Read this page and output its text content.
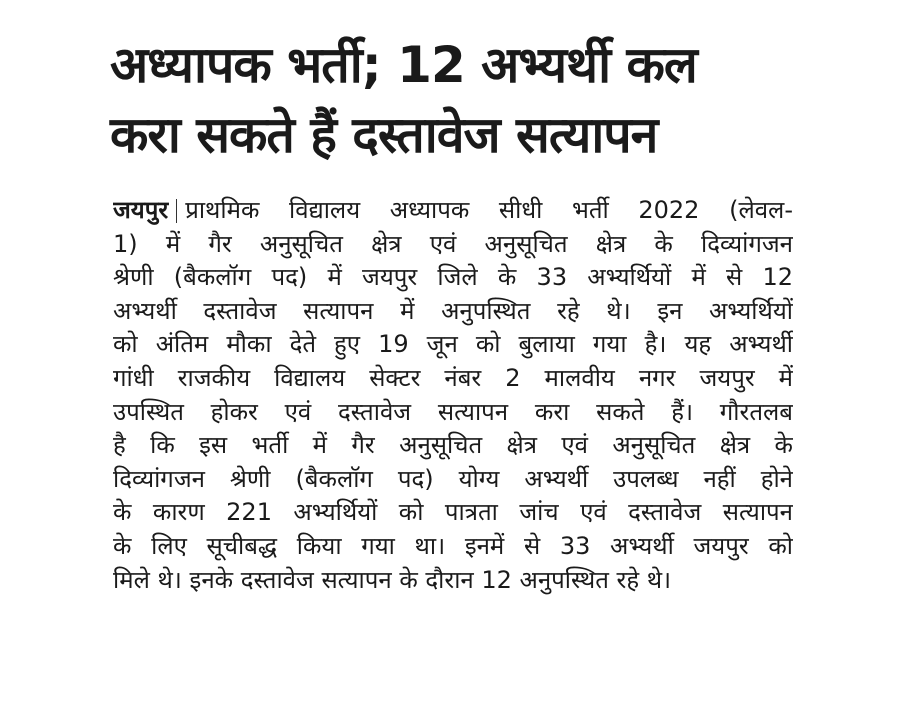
अध्यापक भर्ती; 12 अभ्यर्थी कल
करा सकते हैं दस्तावेज सत्यापन
जयपुर प्राथमिक विद्यालय अध्यापक सीधी भर्ती 2022 (लेवल-
1) में गैर अनुसूचित क्षेत्र एवं अनुसूचित क्षेत्र के दिव्यांगजन
श्रेणी (बैकलॉग पद) में जयपुर जिले के 33 अभ्यर्थियों में से 12
अभ्यर्थी दस्तावेज सत्यापन में अनुपस्थित रहे थे। इन अभ्यर्थियों
को अंतिम मौका देते हुए 19 जून को बुलाया गया है। यह अभ्यर्थी
गांधी राजकीय विद्यालय सेक्टर नंबर 2 मालवीय नगर जयपुर में
उपस्थित होकर एवं दस्तावेज सत्यापन करा सकते हैं। गौरतलब
है कि इस भर्ती में गैर अनुसूचित क्षेत्र एवं अनुसूचित क्षेत्र के
दिव्यांगजन श्रेणी (बैकलॉग पद) योग्य अभ्यर्थी उपलब्ध नहीं होने
के कारण 221 अभ्यर्थियों को पात्रता जांच एवं दस्तावेज सत्यापन
के लिए सूचीबद्ध किया गया था। इनमें से 33 अभ्यर्थी जयपुर को
मिले थे। इनके दस्तावेज सत्यापन के दौरान 12 अनुपस्थित रहे थे।
